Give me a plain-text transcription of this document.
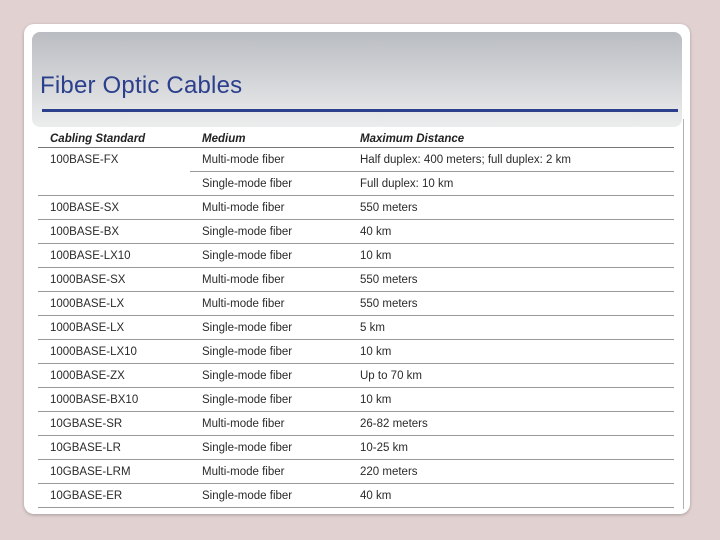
Fiber Optic Cables
Cabling Standard	Medium	Maximum Distance
100BASE-FX	Multi-mode fiber	Half duplex: 400 meters; full duplex: 2 km
	Single-mode fiber	Full duplex: 10 km
100BASE-SX	Multi-mode fiber	550 meters
100BASE-BX	Single-mode fiber	40 km
100BASE-LX10	Single-mode fiber	10 km
1000BASE-SX	Multi-mode fiber	550 meters
1000BASE-LX	Multi-mode fiber	550 meters
1000BASE-LX	Single-mode fiber	5 km
1000BASE-LX10	Single-mode fiber	10 km
1000BASE-ZX	Single-mode fiber	Up to 70 km
1000BASE-BX10	Single-mode fiber	10 km
10GBASE-SR	Multi-mode fiber	26-82 meters
10GBASE-LR	Single-mode fiber	10-25 km
10GBASE-LRM	Multi-mode fiber	220 meters
10GBASE-ER	Single-mode fiber	40 km
